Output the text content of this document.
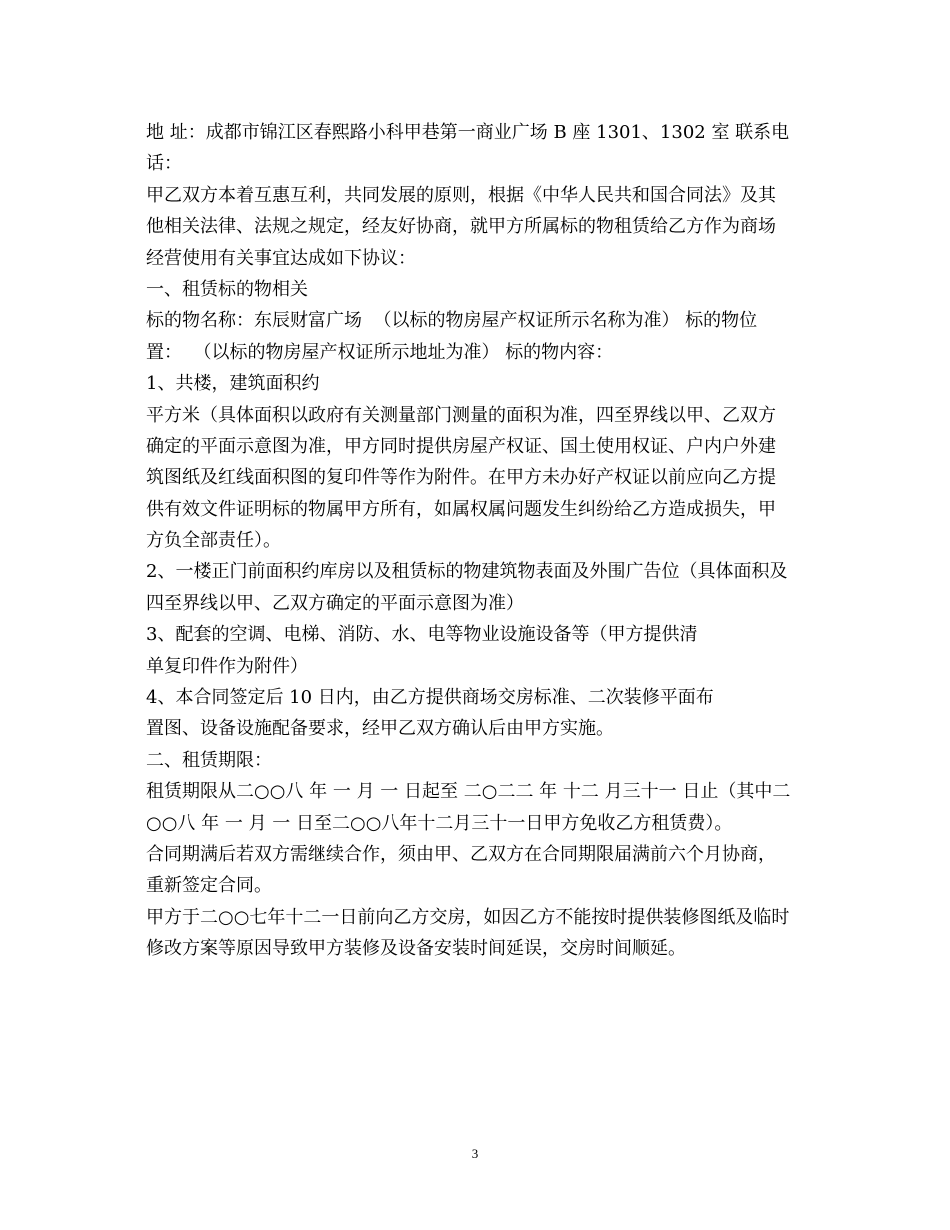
地 址：成都市锦江区春熙路小科甲巷第一商业广场 B 座 1301、1302 室 联系电
话：
甲乙双方本着互惠互利，共同发展的原则，根据《中华人民共和国合同法》及其
他相关法律、法规之规定，经友好协商，就甲方所属标的物租赁给乙方作为商场
经营使用有关事宜达成如下协议：
一、租赁标的物相关
标的物名称：东辰财富广场  （以标的物房屋产权证所示名称为准） 标的物位
置：  （以标的物房屋产权证所示地址为准） 标的物内容：
1、共楼，建筑面积约
平方米（具体面积以政府有关测量部门测量的面积为准，四至界线以甲、乙双方
确定的平面示意图为准，甲方同时提供房屋产权证、国土使用权证、户内户外建
筑图纸及红线面积图的复印件等作为附件。在甲方未办好产权证以前应向乙方提
供有效文件证明标的物属甲方所有，如属权属问题发生纠纷给乙方造成损失，甲
方负全部责任）。
2、一楼正门前面积约库房以及租赁标的物建筑物表面及外围广告位（具体面积及
四至界线以甲、乙双方确定的平面示意图为准）
3、配套的空调、电梯、消防、水、电等物业设施设备等（甲方提供清
单复印件作为附件）
4、本合同签定后 10 日内，由乙方提供商场交房标准、二次装修平面布
置图、设备设施配备要求，经甲乙双方确认后由甲方实施。
二、租赁期限：
租赁期限从二○○八 年 一 月 一 日起至 二○二二 年 十二 月三十一 日止（其中二
○○八 年 一 月 一 日至二○○八年十二月三十一日甲方免收乙方租赁费）。
合同期满后若双方需继续合作，须由甲、乙双方在合同期限届满前六个月协商，
重新签定合同。
甲方于二○○七年十二一日前向乙方交房，如因乙方不能按时提供装修图纸及临时
修改方案等原因导致甲方装修及设备安装时间延误，交房时间顺延。
3
